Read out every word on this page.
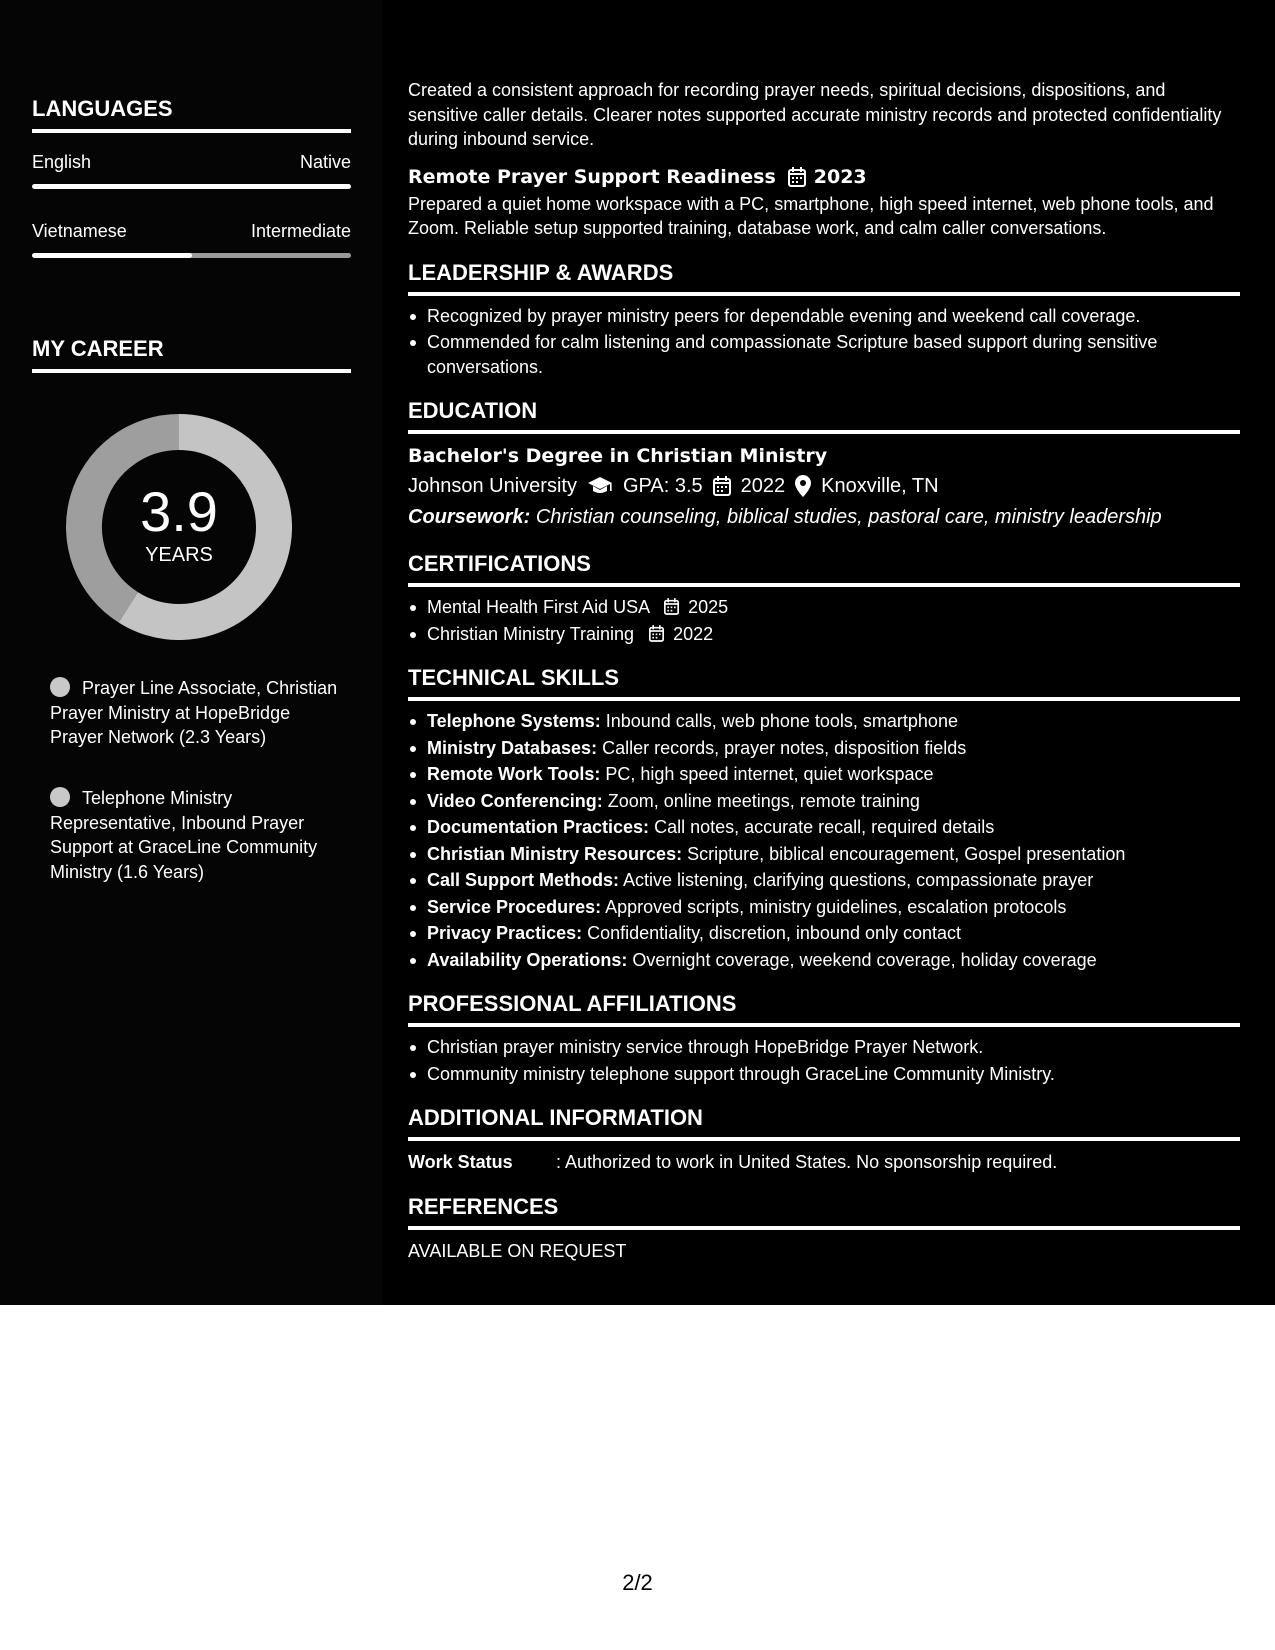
LANGUAGES
English	Native
Vietnamese	Intermediate
MY CAREER
3.9
YEARS
Prayer Line Associate, Christian Prayer Ministry at HopeBridge Prayer Network (2.3 Years)
Telephone Ministry Representative, Inbound Prayer Support at GraceLine Community Ministry (1.6 Years)
Created a consistent approach for recording prayer needs, spiritual decisions, dispositions, and sensitive caller details. Clearer notes supported accurate ministry records and protected confidentiality during inbound service.
Remote Prayer Support Readiness 2023
Prepared a quiet home workspace with a PC, smartphone, high speed internet, web phone tools, and Zoom. Reliable setup supported training, database work, and calm caller conversations.
LEADERSHIP & AWARDS
Recognized by prayer ministry peers for dependable evening and weekend call coverage.
Commended for calm listening and compassionate Scripture based support during sensitive conversations.
EDUCATION
Bachelor's Degree in Christian Ministry
Johnson University GPA: 3.5 2022 Knoxville, TN
Coursework: Christian counseling, biblical studies, pastoral care, ministry leadership
CERTIFICATIONS
Mental Health First Aid USA 2025
Christian Ministry Training 2022
TECHNICAL SKILLS
Telephone Systems: Inbound calls, web phone tools, smartphone
Ministry Databases: Caller records, prayer notes, disposition fields
Remote Work Tools: PC, high speed internet, quiet workspace
Video Conferencing: Zoom, online meetings, remote training
Documentation Practices: Call notes, accurate recall, required details
Christian Ministry Resources: Scripture, biblical encouragement, Gospel presentation
Call Support Methods: Active listening, clarifying questions, compassionate prayer
Service Procedures: Approved scripts, ministry guidelines, escalation protocols
Privacy Practices: Confidentiality, discretion, inbound only contact
Availability Operations: Overnight coverage, weekend coverage, holiday coverage
PROFESSIONAL AFFILIATIONS
Christian prayer ministry service through HopeBridge Prayer Network.
Community ministry telephone support through GraceLine Community Ministry.
ADDITIONAL INFORMATION
Work Status	: Authorized to work in United States. No sponsorship required.
REFERENCES
AVAILABLE ON REQUEST
2/2
